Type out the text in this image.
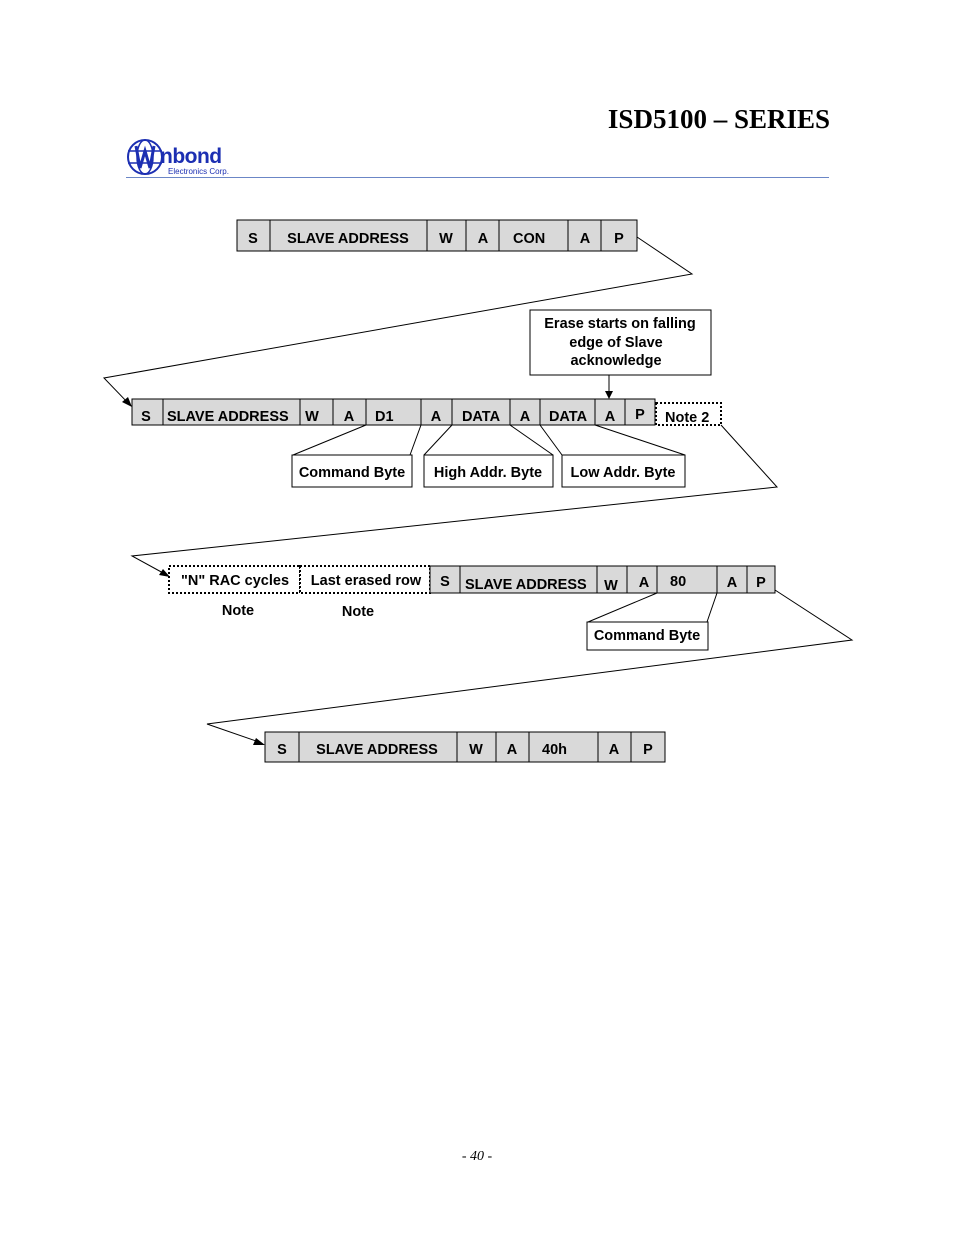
ISD5100 – SERIES
nbond
Electronics Corp.
S SLAVE ADDRESS W A CON A P
Erase starts on falling
edge of Slave
acknowledge
S SLAVE ADDRESS W A D1	A DATA A DATA A P Note 2
Command Byte High Addr. Byte Low Addr. Byte
"N" RAC cycles Last erased row
Note	Note
S SLAVE ADDRESS W A 80	A P
Command Byte
S SLAVE ADDRESS W A 40h	A P
- 40 -
